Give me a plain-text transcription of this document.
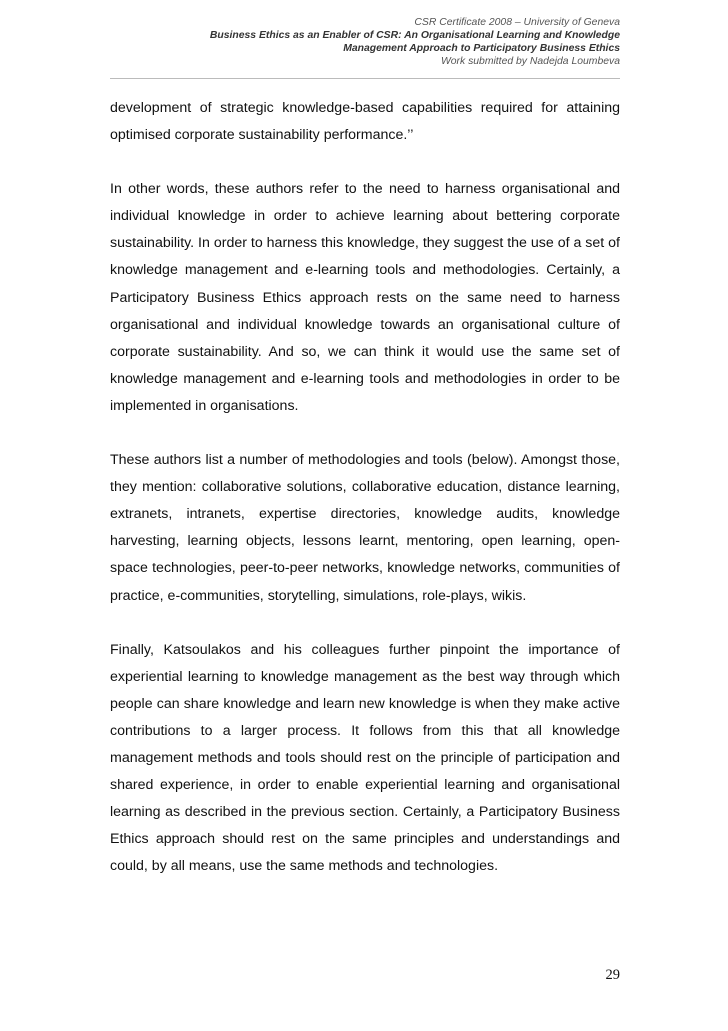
CSR Certificate 2008 – University of Geneva
Business Ethics as an Enabler of CSR: An Organisational Learning and Knowledge
Management Approach to Participatory Business Ethics
Work submitted by Nadejda Loumbeva

development of strategic knowledge-based capabilities required for attaining optimised corporate sustainability performance.’’

In other words, these authors refer to the need to harness organisational and individual knowledge in order to achieve learning about bettering corporate sustainability. In order to harness this knowledge, they suggest the use of a set of knowledge management and e-learning tools and methodologies. Certainly, a Participatory Business Ethics approach rests on the same need to harness organisational and individual knowledge towards an organisational culture of corporate sustainability. And so, we can think it would use the same set of knowledge management and e-learning tools and methodologies in order to be implemented in organisations.

These authors list a number of methodologies and tools (below). Amongst those, they mention: collaborative solutions, collaborative education, distance learning, extranets, intranets, expertise directories, knowledge audits, knowledge harvesting, learning objects, lessons learnt, mentoring, open learning, open-space technologies, peer-to-peer networks, knowledge networks, communities of practice, e-communities, storytelling, simulations, role-plays, wikis.

Finally, Katsoulakos and his colleagues further pinpoint the importance of experiential learning to knowledge management as the best way through which people can share knowledge and learn new knowledge is when they make active contributions to a larger process. It follows from this that all knowledge management methods and tools should rest on the principle of participation and shared experience, in order to enable experiential learning and organisational learning as described in the previous section. Certainly, a Participatory Business Ethics approach should rest on the same principles and understandings and could, by all means, use the same methods and technologies.

29
